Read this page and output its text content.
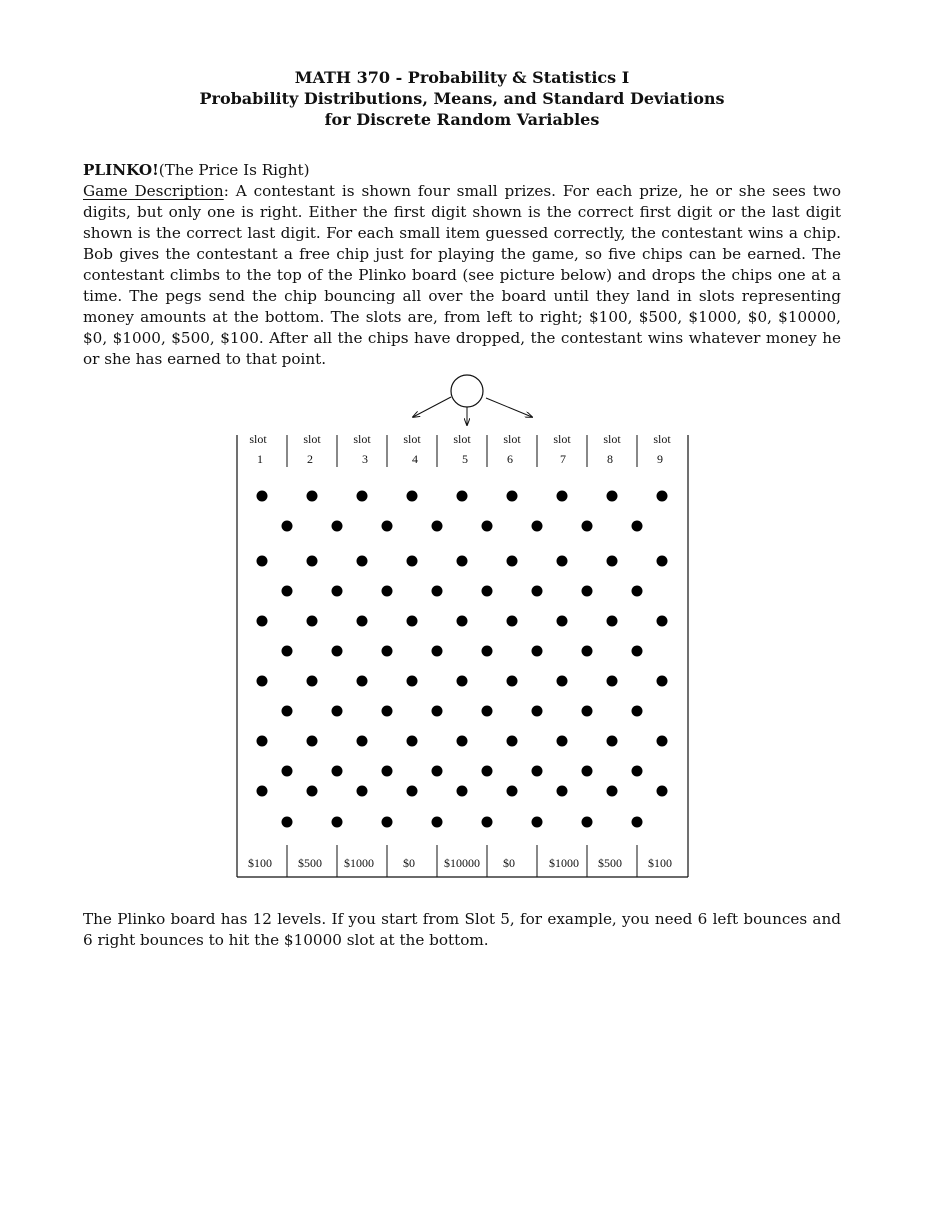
MATH 370 - Probability & Statistics I
Probability Distributions, Means, and Standard Deviations
for Discrete Random Variables
PLINKO!(The Price Is Right)

Game Description: A contestant is shown four small prizes. For each prize, he or she sees two digits, but only one is right. Either the first digit shown is the correct first digit or the last digit shown is the correct last digit. For each small item guessed correctly, the contestant wins a chip. Bob gives the contestant a free chip just for playing the game, so five chips can be earned. The contestant climbs to the top of the Plinko board (see picture below) and drops the chips one at a time. The pegs send the chip bouncing all over the board until they land in slots representing money amounts at the bottom. The slots are, from left to right; $100, $500, $1000, $0, $10000, $0, $1000, $500, $100. After all the chips have dropped, the contestant wins whatever money he or she has earned to that point.

slot	slot	slot	slot	slot	slot	slot	slot	slot
1	2	3	4	5	6	7	8	9
$100 $500 $1000 $0 $10000 $0	$1000 $500 $100
The Plinko board has 12 levels. If you start from Slot 5, for example, you need 6 left bounces and 6 right bounces to hit the $10000 slot at the bottom.
